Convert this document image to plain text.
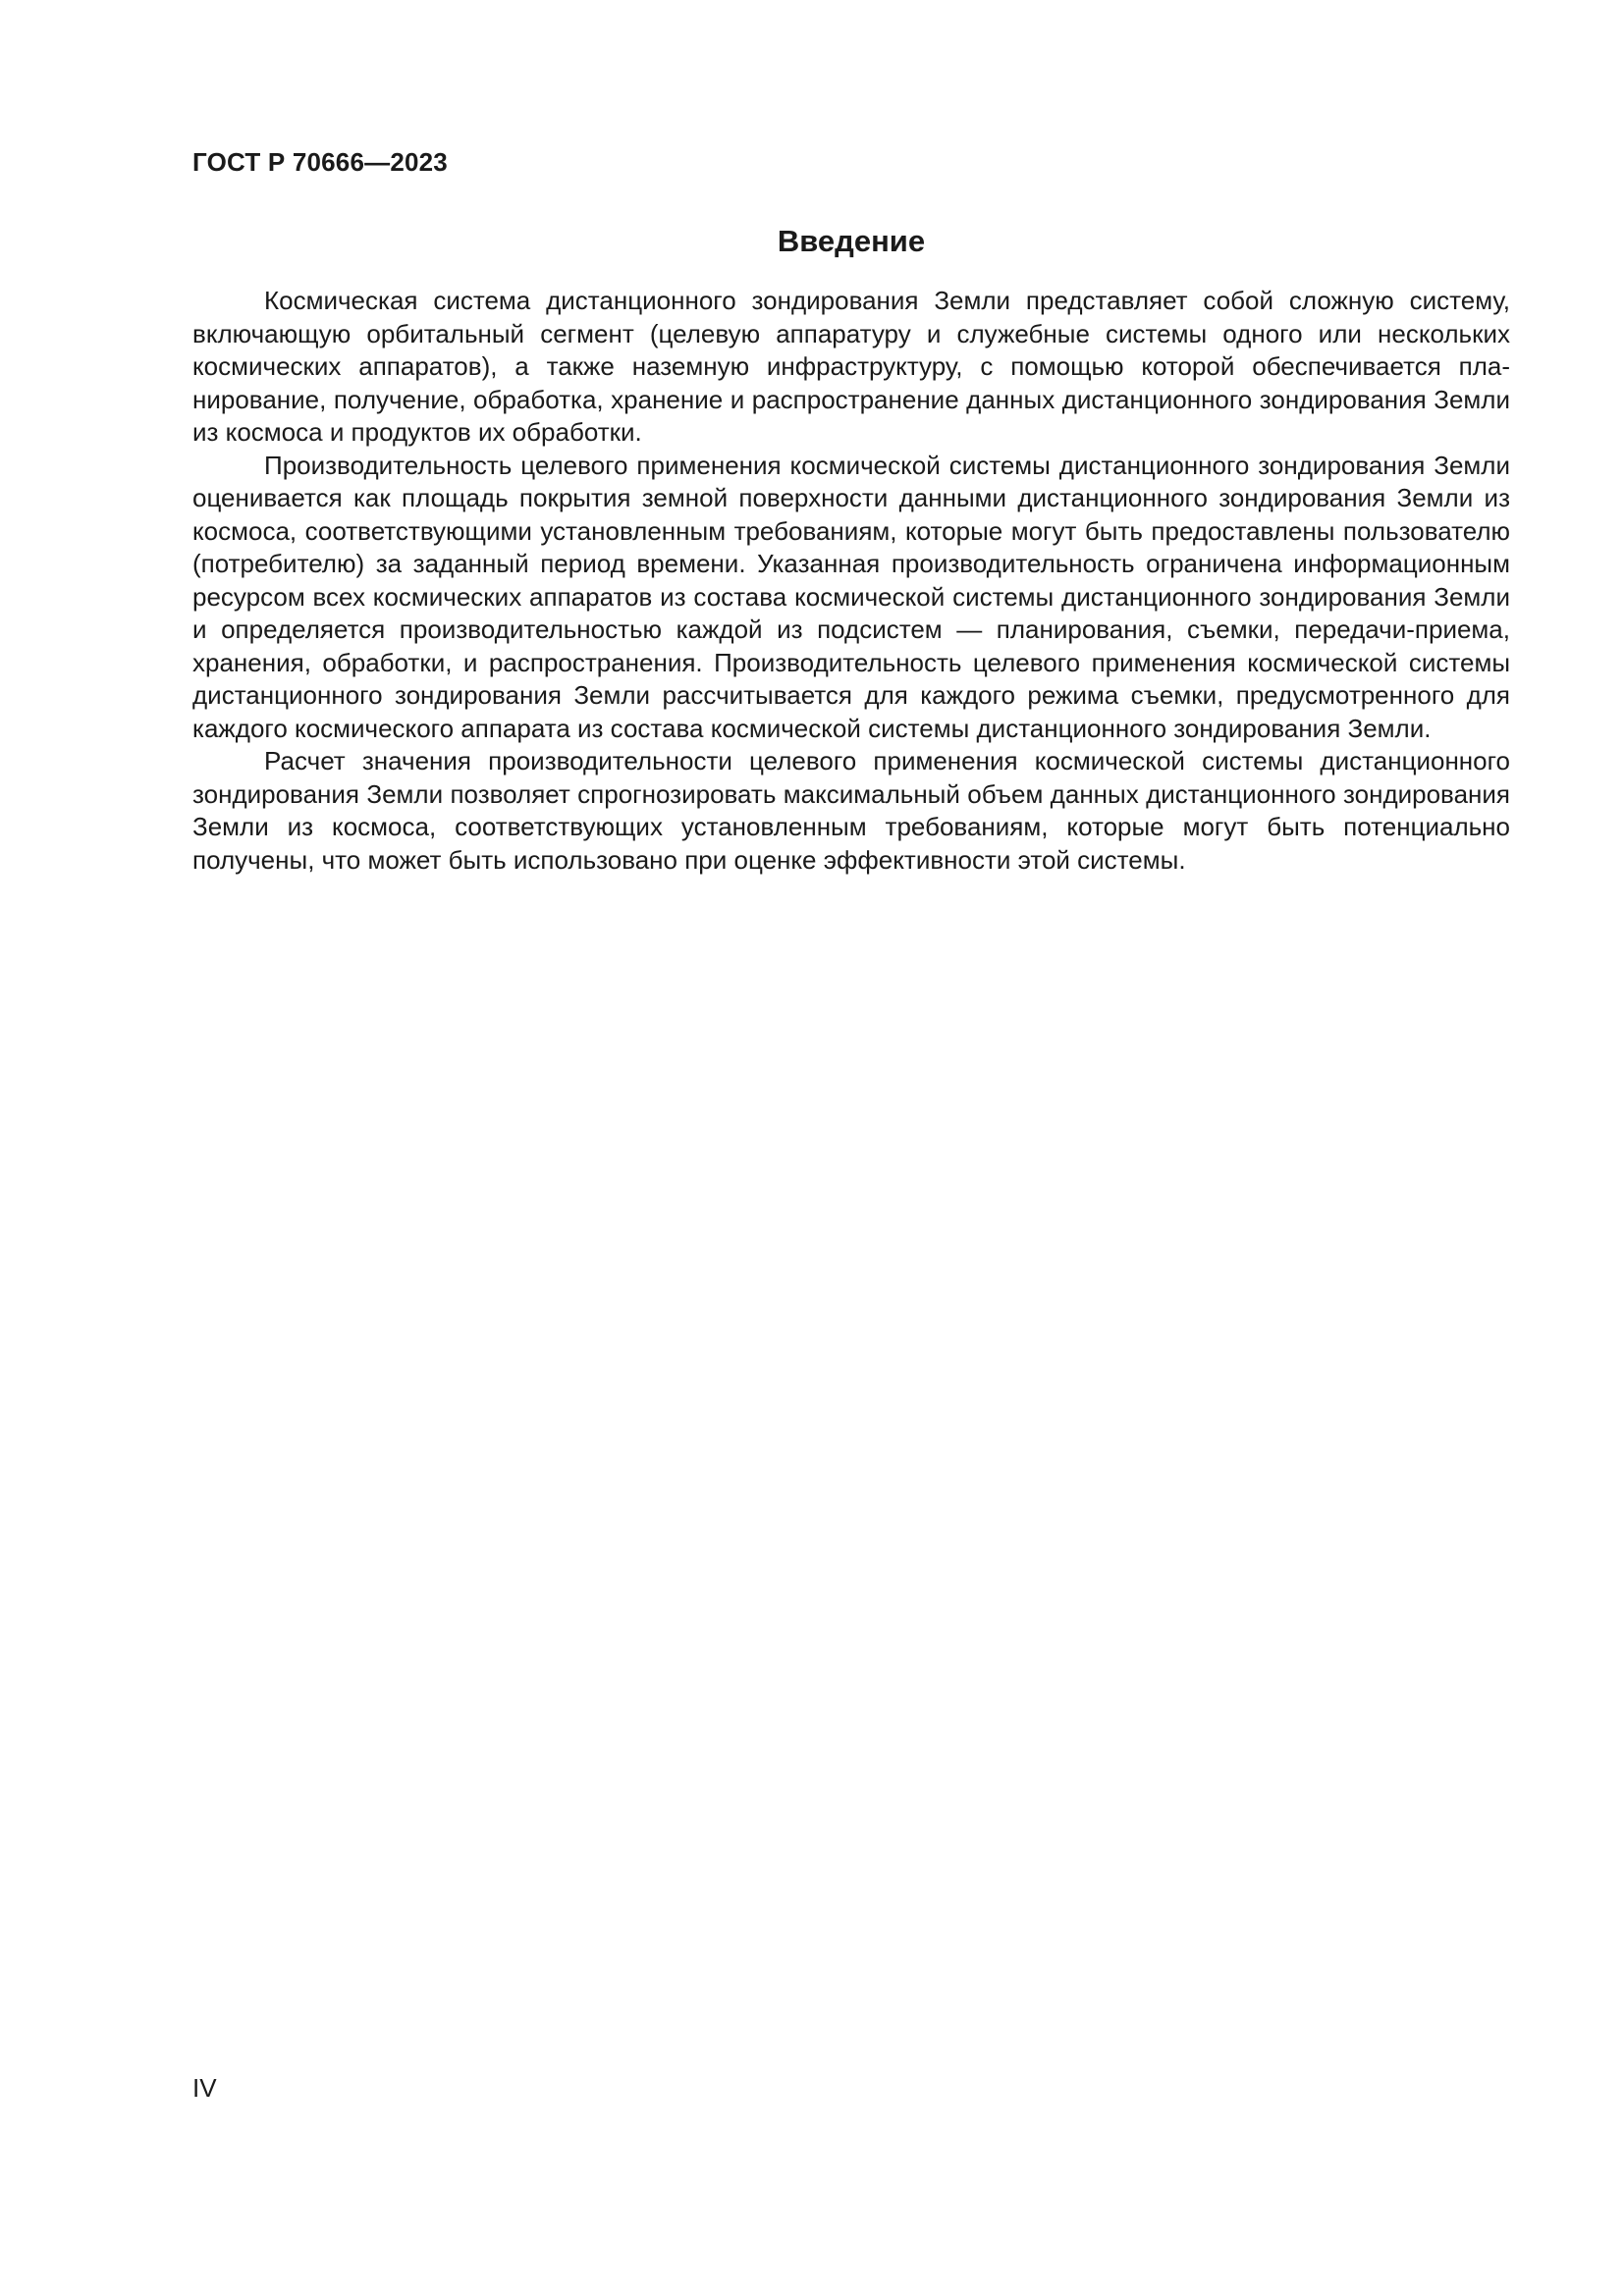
ГОСТ Р 70666—2023
Введение

Космическая система дистанционного зондирования Земли представляет собой сложную систему, включающую орбитальный сегмент (целевую аппаратуру и служебные системы одного или нескольких космических аппаратов), а также наземную инфраструктуру, с помощью которой обеспечивается планирование, получение, обработка, хранение и распространение данных дистанционного зондирования Земли из космоса и продуктов их обработки.

Производительность целевого применения космической системы дистанционного зондирования Земли оценивается как площадь покрытия земной поверхности данными дистанционного зондирования Земли из космоса, соответствующими установленным требованиям, которые могут быть предоставлены пользователю (потребителю) за заданный период времени. Указанная производительность ограничена информационным ресурсом всех космических аппаратов из состава космической системы дистанционного зондирования Земли и определяется производительностью каждой из подсистем — планирования, съемки, передачи-приема, хранения, обработки, и распространения. Производительность целевого применения космической системы дистанционного зондирования Земли рассчитывается для каждого режима съемки, предусмотренного для каждого космического аппарата из состава космической системы дистанционного зондирования Земли.

Расчет значения производительности целевого применения космической системы дистанционного зондирования Земли позволяет спрогнозировать максимальный объем данных дистанционного зондирования Земли из космоса, соответствующих установленным требованиям, которые могут быть потенциально получены, что может быть использовано при оценке эффективности этой системы.

IV
